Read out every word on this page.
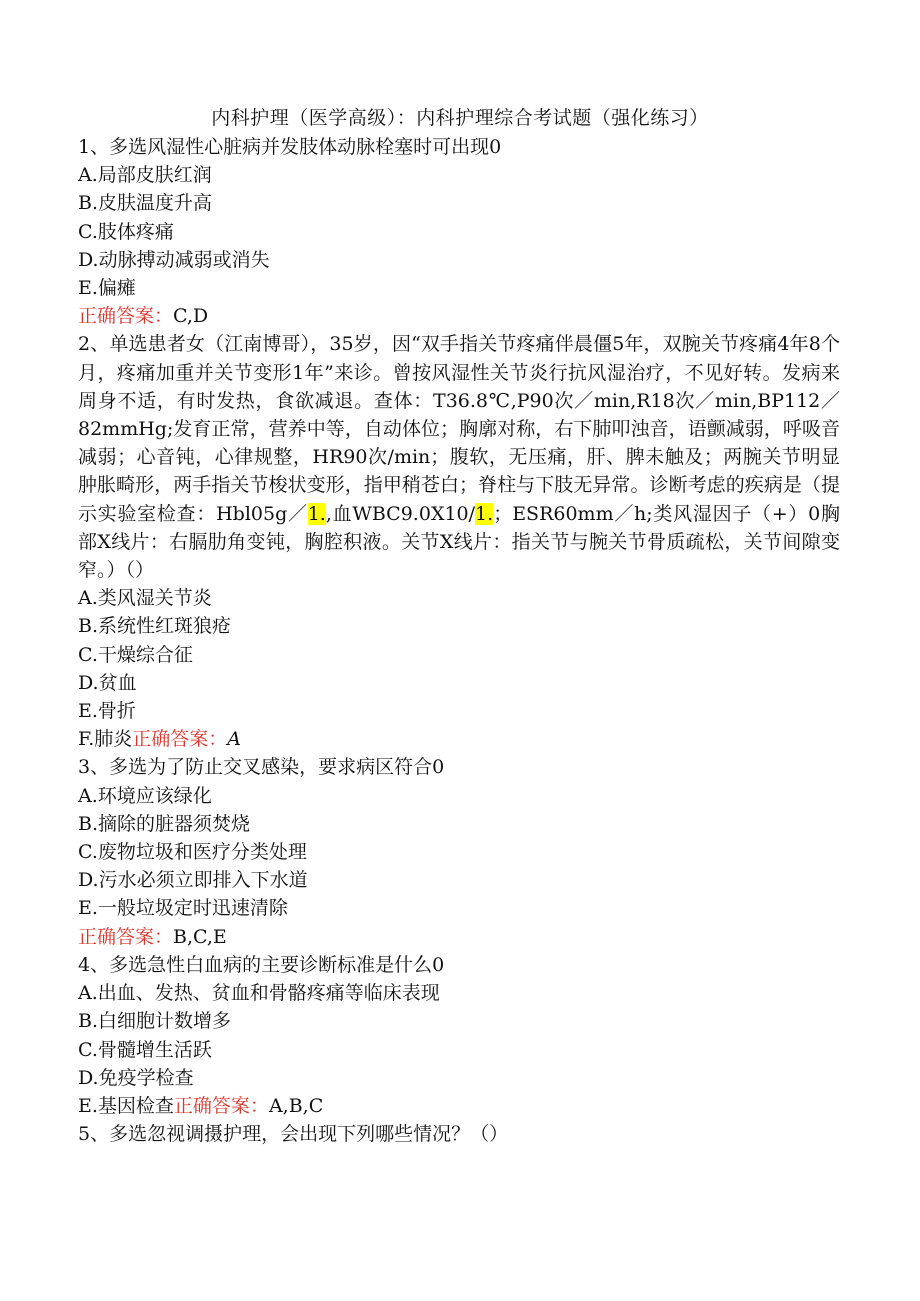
内科护理（医学高级）：内科护理综合考试题（强化练习）
1、多选风湿性心脏病并发肢体动脉栓塞时可出现0
A.局部皮肤红润
B.皮肤温度升高
C.肢体疼痛
D.动脉搏动减弱或消失
E.偏瘫
正确答案：C,D
2、单选患者女（江南博哥），35岁，因“双手指关节疼痛伴晨僵5年，双腕关节疼痛4年8个月，疼痛加重并关节变形1年”来诊。曾按风湿性关节炎行抗风湿治疗，不见好转。发病来周身不适，有时发热，食欲减退。查体：T36.8℃,P90次／min,R18次／min,BP112／82mmHg;发育正常，营养中等，自动体位；胸廓对称，右下肺叩浊音，语颤减弱，呼吸音减弱；心音钝，心律规整，HR90次/min；腹软，无压痛，肝、脾未触及；两腕关节明显肿胀畸形，两手指关节梭状变形，指甲稍苍白；脊柱与下肢无异常。诊断考虑的疾病是（提示实验室检查：Hbl05g／1.,血WBC9.0X10/1.；ESR60mm／h;类风湿因子（+）0胸部X线片：右膈肋角变钝，胸腔积液。关节X线片：指关节与腕关节骨质疏松，关节间隙变窄。）（）
A.类风湿关节炎
B.系统性红斑狼疮
C.干燥综合征
D.贫血
E.骨折
F.肺炎正确答案：A
3、多选为了防止交叉感染，要求病区符合0
A.环境应该绿化
B.摘除的脏器须焚烧
C.废物垃圾和医疗分类处理
D.污水必须立即排入下水道
E.一般垃圾定时迅速清除
正确答案：B,C,E
4、多选急性白血病的主要诊断标准是什么0
A.出血、发热、贫血和骨骼疼痛等临床表现
B.白细胞计数增多
C.骨髓增生活跃
D.免疫学检查
E.基因检查正确答案：A,B,C
5、多选忽视调摄护理，会出现下列哪些情况？（）
